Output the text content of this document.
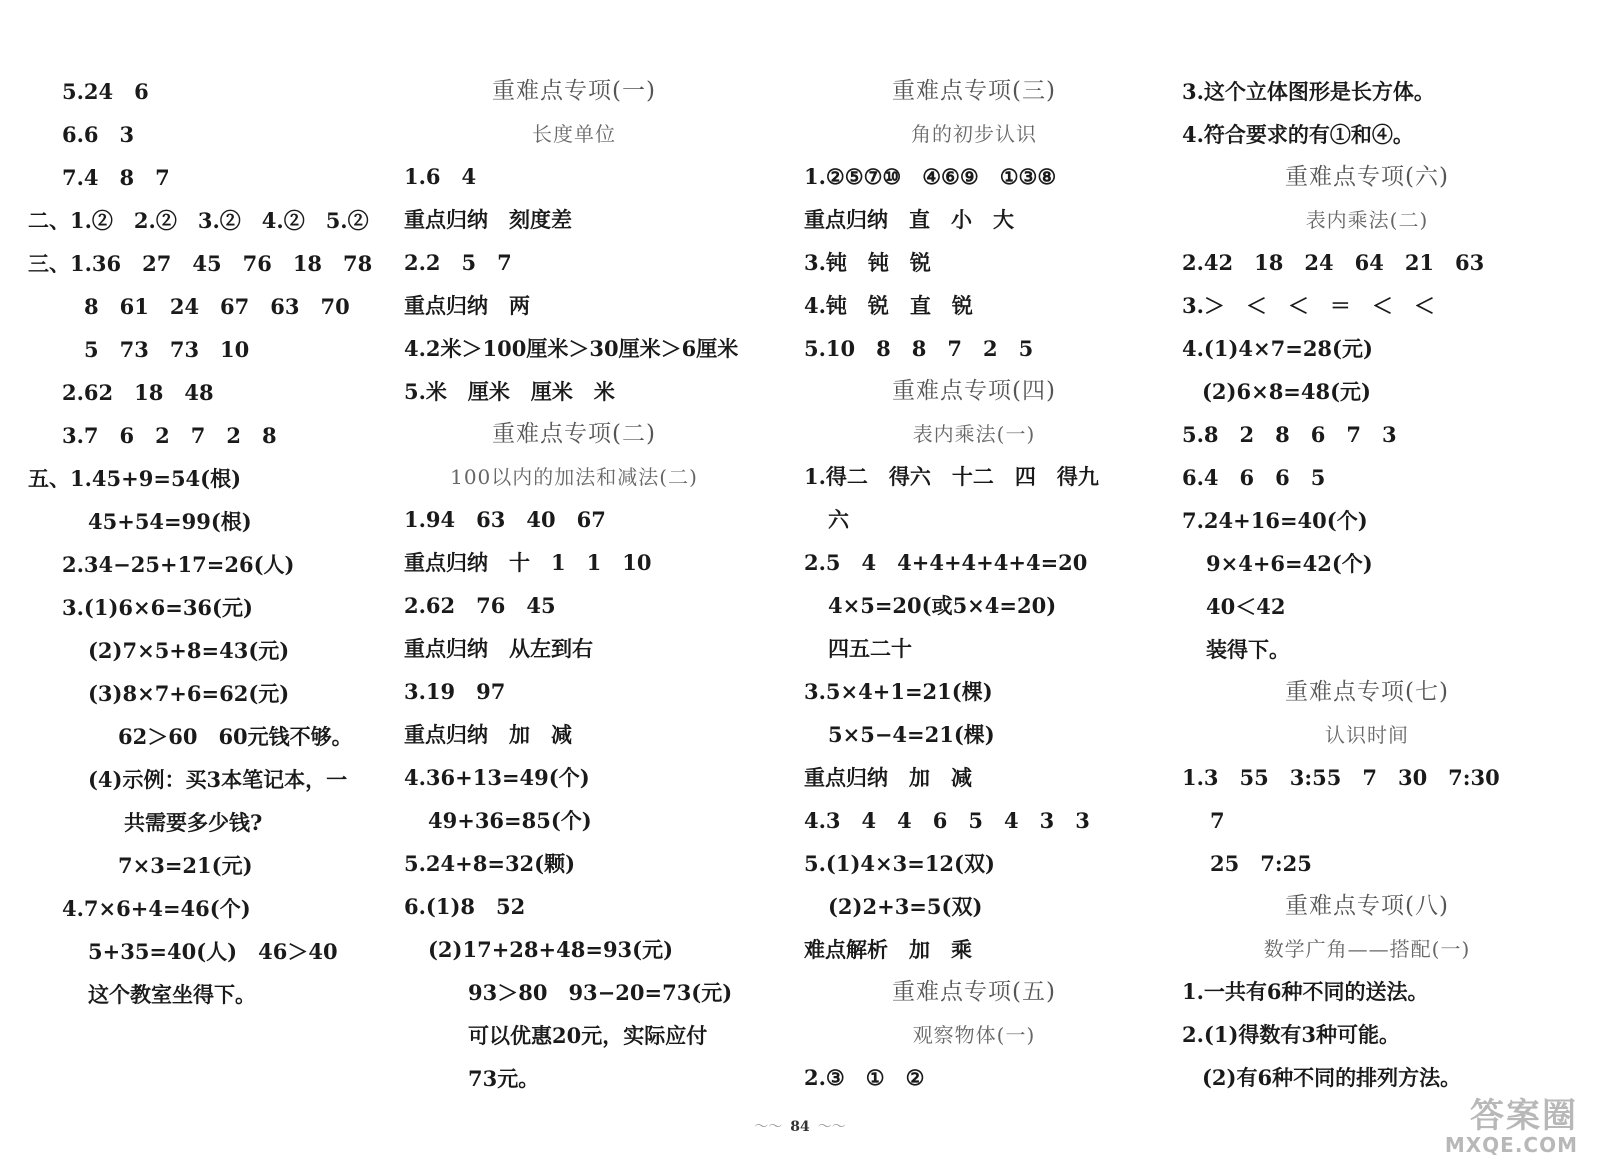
5.24　6
6.6　3
7.4　8　7
二、1.②　2.②　3.②　4.②　5.②
三、1.36　27　45　76　18　78
8　61　24　67　63　70
5　73　73　10
2.62　18　48
3.7　6　2　7　2　8
五、1.45+9=54(根)
45+54=99(根)
2.34−25+17=26(人)
3.(1)6×6=36(元)
(2)7×5+8=43(元)
(3)8×7+6=62(元)
62＞60　60元钱不够。
(4)示例：买3本笔记本，一
共需要多少钱?
7×3=21(元)
4.7×6+4=46(个)
5+35=40(人)　46＞40
这个教室坐得下。
重难点专项(一)
长度单位
1.6　4
重点归纳　刻度差
2.2　5　7
重点归纳　两
4.2米＞100厘米＞30厘米＞6厘米
5.米　厘米　厘米　米
重难点专项(二)
100以内的加法和减法(二)
1.94　63　40　67
重点归纳　十　1　1　10
2.62　76　45
重点归纳　从左到右
3.19　97
重点归纳　加　减
4.36+13=49(个)
49+36=85(个)
5.24+8=32(颗)
6.(1)8　52
(2)17+28+48=93(元)
93＞80　93−20=73(元)
可以优惠20元，实际应付
73元。
重难点专项(三)
角的初步认识
1.②⑤⑦⑩　④⑥⑨　①③⑧
重点归纳　直　小　大
3.钝　钝　锐
4.钝　锐　直　锐
5.10　8　8　7　2　5
重难点专项(四)
表内乘法(一)
1.得二　得六　十二　四　得九
六
2.5　4　4+4+4+4+4=20
4×5=20(或5×4=20)
四五二十
3.5×4+1=21(棵)
5×5−4=21(棵)
重点归纳　加　减
4.3　4　4　6　5　4　3　3
5.(1)4×3=12(双)
(2)2+3=5(双)
难点解析　加　乘
重难点专项(五)
观察物体(一)
2.③　①　②
3.这个立体图形是长方体。
4.符合要求的有①和④。
重难点专项(六)
表内乘法(二)
2.42　18　24　64　21　63
3.＞　＜　＜　＝　＜　＜
4.(1)4×7=28(元)
(2)6×8=48(元)
5.8　2　8　6　7　3
6.4　6　6　5
7.24+16=40(个)
9×4+6=42(个)
40＜42
装得下。
重难点专项(七)
认识时间
1.3　55　3:55　7　30　7:30
7
25　7:25
重难点专项(八)
数学广角——搭配(一)
1.一共有6种不同的送法。
2.(1)得数有3种可能。
(2)有6种不同的排列方法。
～～ 84 ～～	答案圈
MXQE.COM
